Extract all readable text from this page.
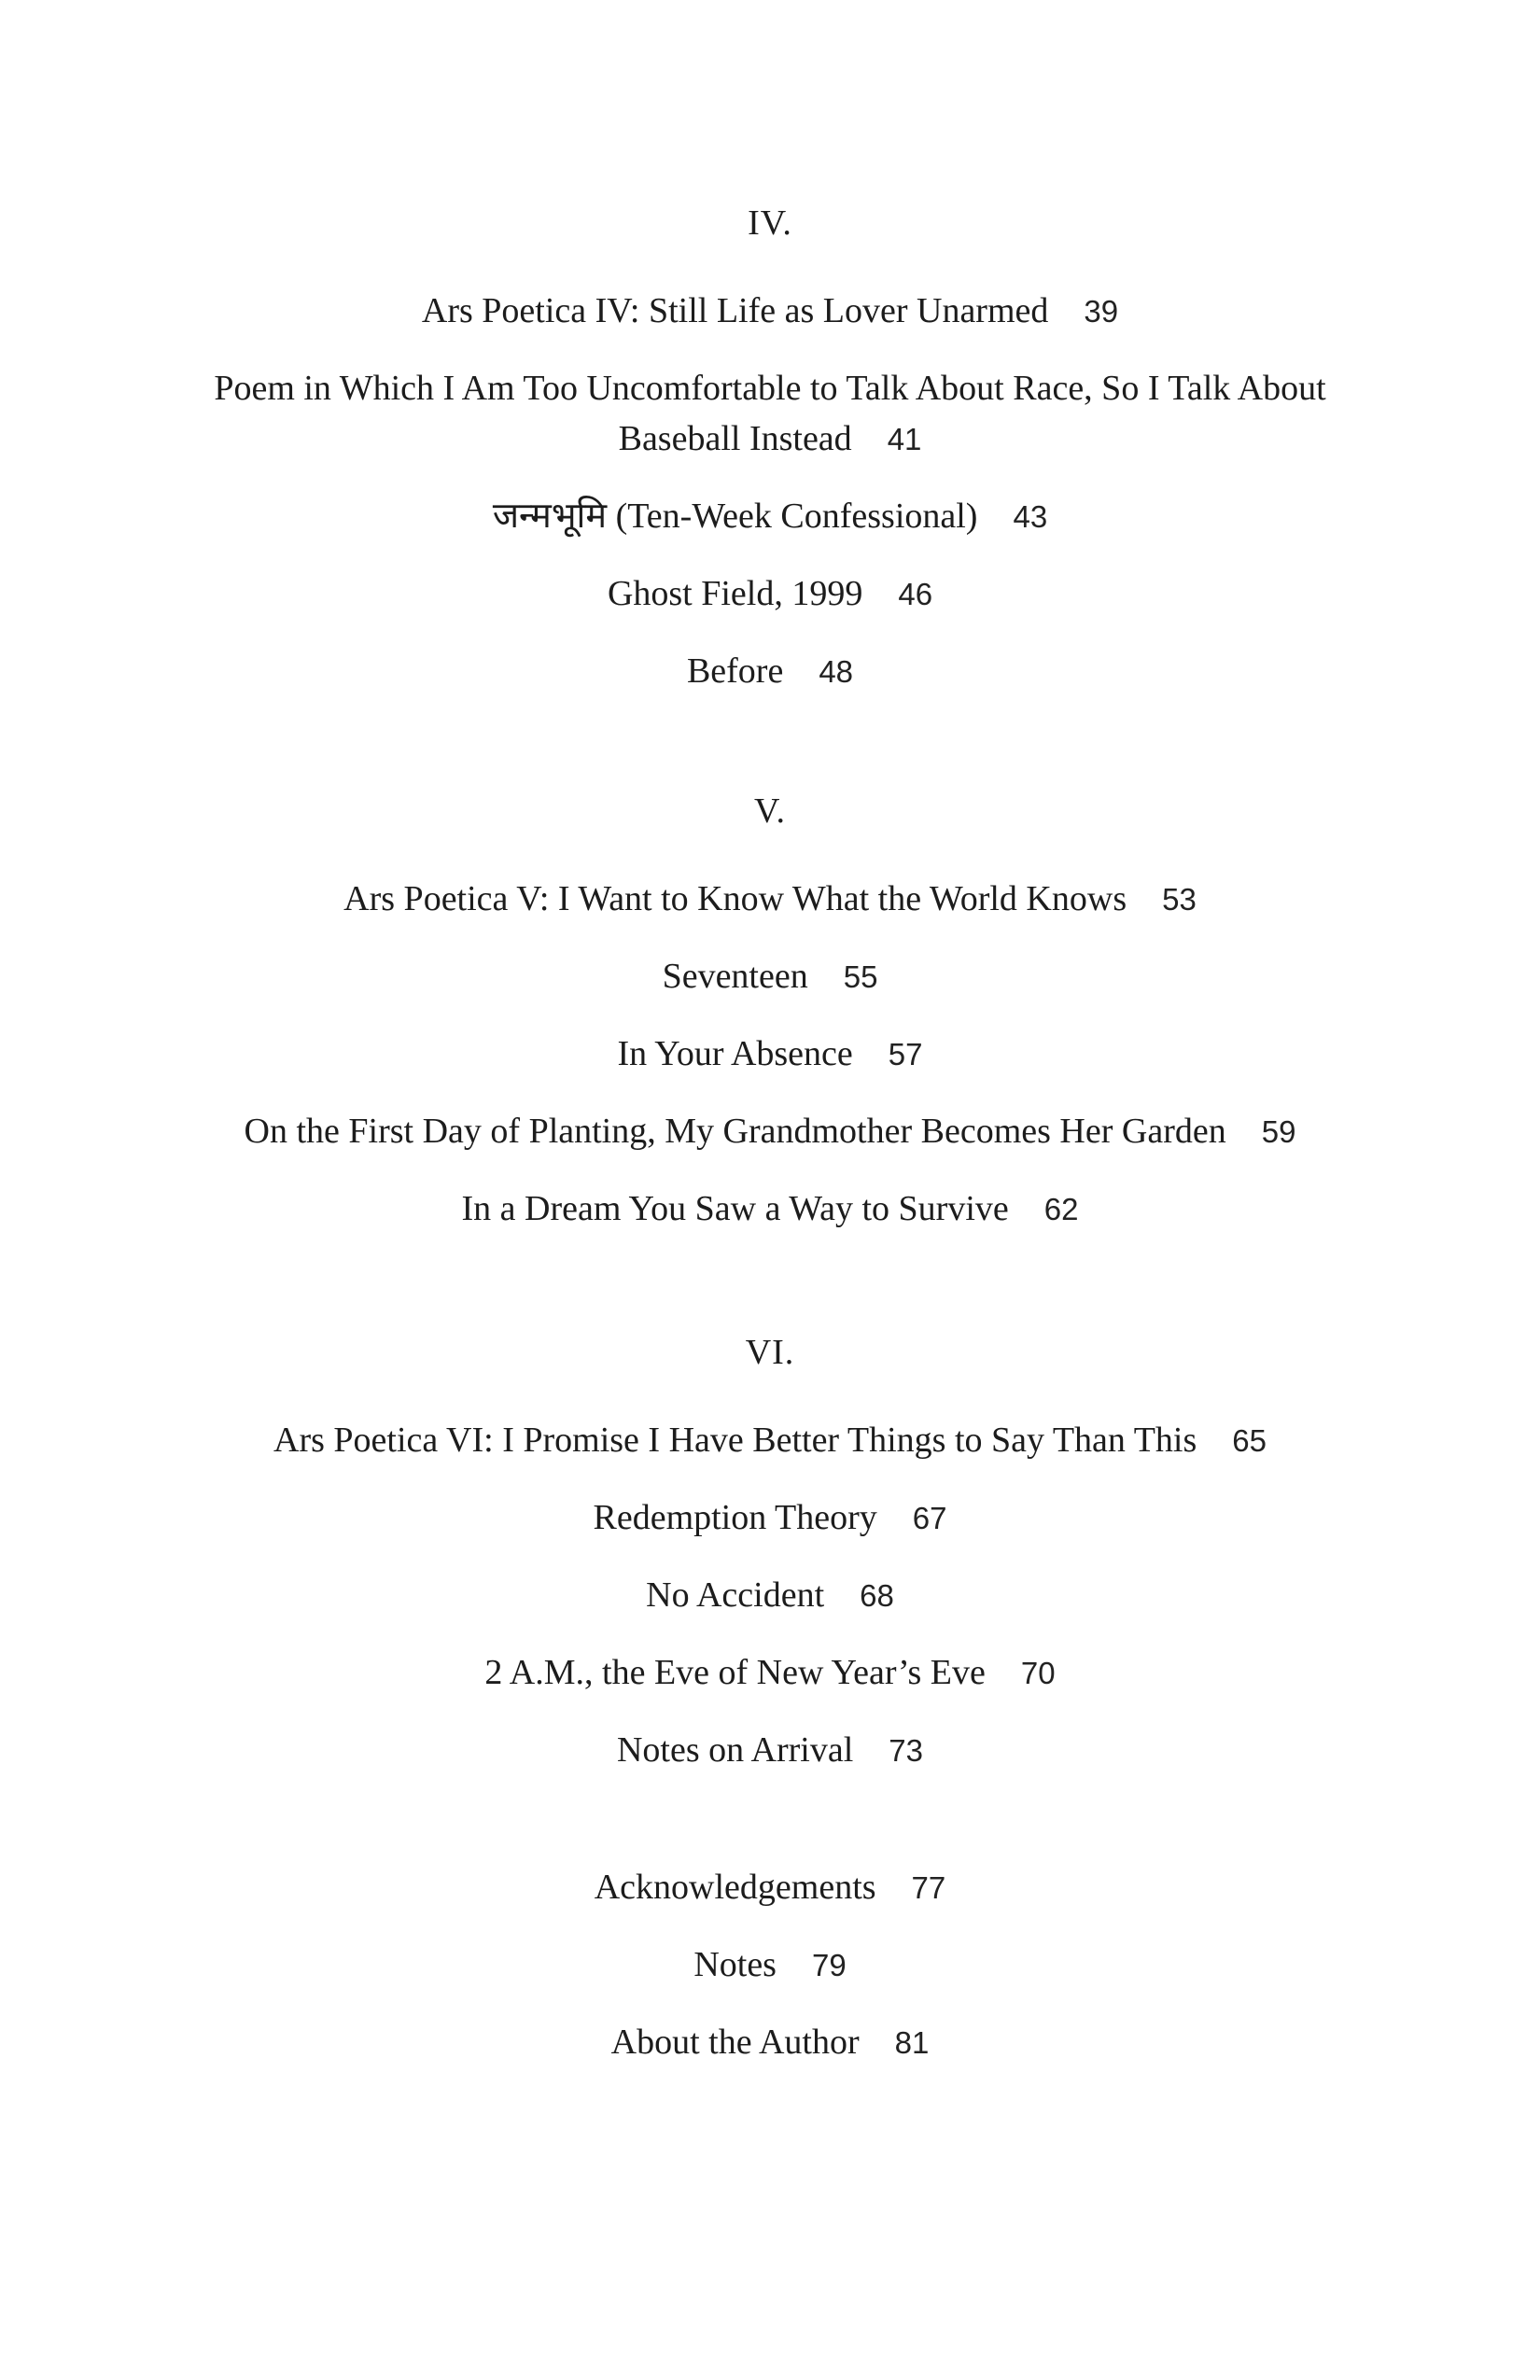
IV.

Ars Poetica IV: Still Life as Lover Unarmed 39
Poem in Which I Am Too Uncomfortable to Talk About Race, So I Talk About Baseball Instead 41
जन्मभूमि (Ten-Week Confessional) 43
Ghost Field, 1999 46
Before 48

V.

Ars Poetica V: I Want to Know What the World Knows 53
Seventeen 55
In Your Absence 57
On the First Day of Planting, My Grandmother Becomes Her Garden 59
In a Dream You Saw a Way to Survive 62

VI.

Ars Poetica VI: I Promise I Have Better Things to Say Than This 65
Redemption Theory 67
No Accident 68
2 A.M., the Eve of New Year’s Eve 70
Notes on Arrival 73
Acknowledgements 77
Notes 79
About the Author 81
